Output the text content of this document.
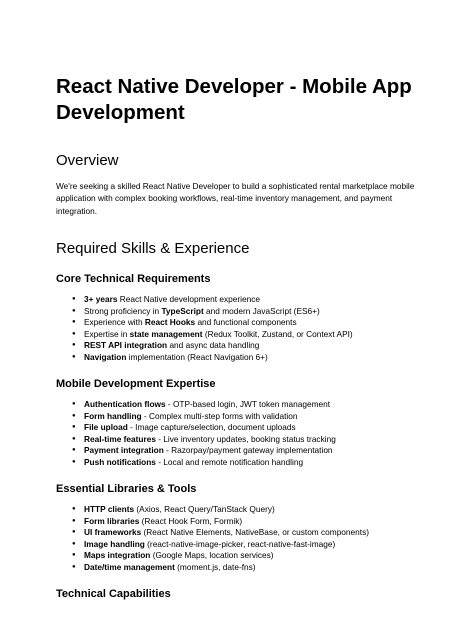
React Native Developer - Mobile App Development
Overview

We're seeking a skilled React Native Developer to build a sophisticated rental marketplace mobile application with complex booking workflows, real-time inventory management, and payment integration.

Required Skills & Experience
Core Technical Requirements
● 3+ years React Native development experience
● Strong proficiency in TypeScript and modern JavaScript (ES6+)
● Experience with React Hooks and functional components
● Expertise in state management (Redux Toolkit, Zustand, or Context API)
● REST API integration and async data handling
● Navigation implementation (React Navigation 6+)
Mobile Development Expertise
● Authentication flows - OTP-based login, JWT token management
● Form handling - Complex multi-step forms with validation
● File upload - Image capture/selection, document uploads
● Real-time features - Live inventory updates, booking status tracking
● Payment integration - Razorpay/payment gateway implementation
● Push notifications - Local and remote notification handling
Essential Libraries & Tools
● HTTP clients (Axios, React Query/TanStack Query)
● Form libraries (React Hook Form, Formik)
● UI frameworks (React Native Elements, NativeBase, or custom components)
● Image handling (react-native-image-picker, react-native-fast-image)
● Maps integration (Google Maps, location services)
● Date/time management (moment.js, date-fns)
Technical Capabilities
